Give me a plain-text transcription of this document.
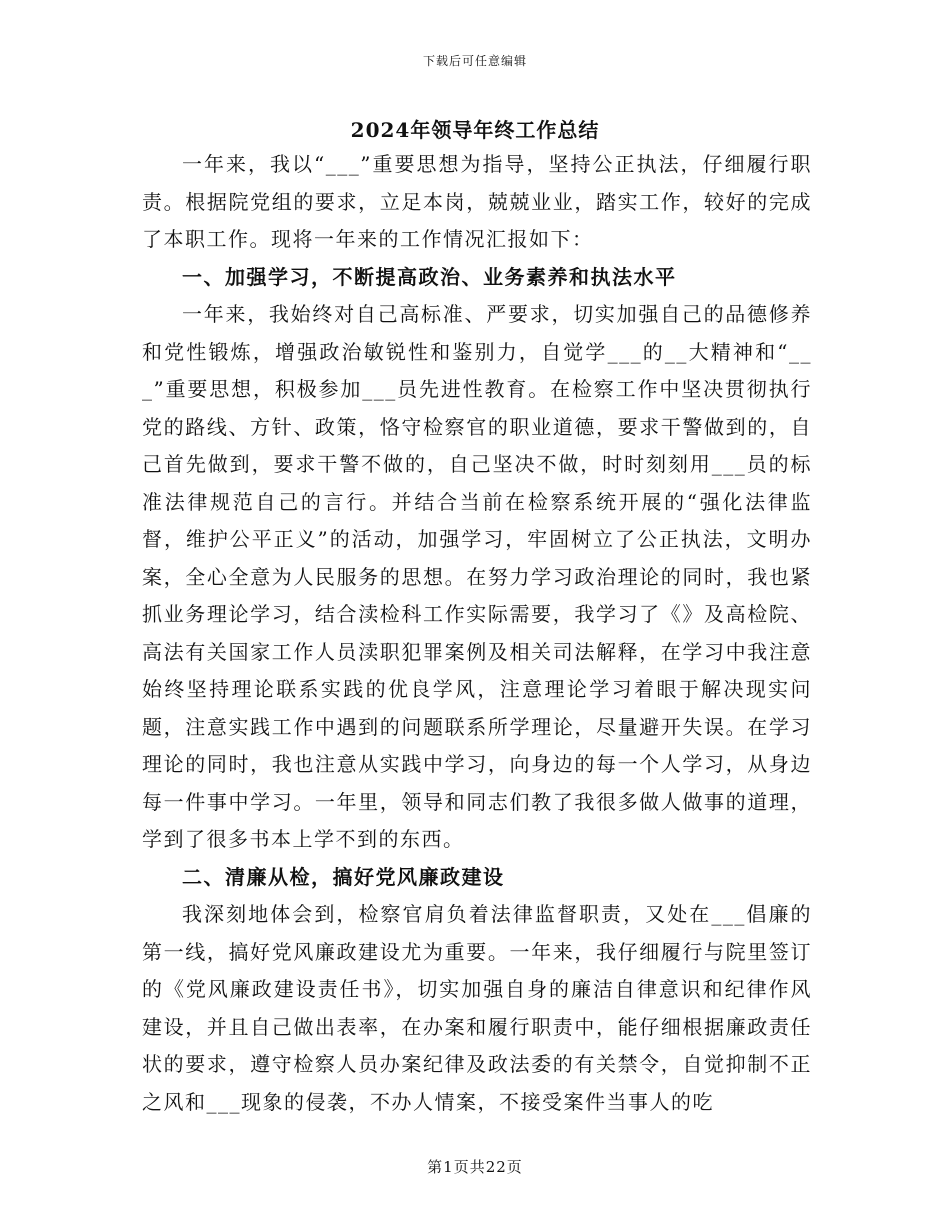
下载后可任意编辑
2024年领导年终工作总结

一年来，我以“___”重要思想为指导，坚持公正执法，仔细履行职责。根据院党组的要求，立足本岗，兢兢业业，踏实工作，较好的完成了本职工作。现将一年来的工作情况汇报如下：

一、加强学习，不断提高政治、业务素养和执法水平

一年来，我始终对自己高标准、严要求，切实加强自己的品德修养和党性锻炼，增强政治敏锐性和鉴别力，自觉学___的__大精神和“___”重要思想，积极参加___员先进性教育。在检察工作中坚决贯彻执行党的路线、方针、政策，恪守检察官的职业道德，要求干警做到的，自己首先做到，要求干警不做的，自己坚决不做，时时刻刻用___员的标准法律规范自己的言行。并结合当前在检察系统开展的“强化法律监督，维护公平正义”的活动，加强学习，牢固树立了公正执法，文明办案，全心全意为人民服务的思想。在努力学习政治理论的同时，我也紧抓业务理论学习，结合渎检科工作实际需要，我学习了《》及高检院、高法有关国家工作人员渎职犯罪案例及相关司法解释，在学习中我注意始终坚持理论联系实践的优良学风，注意理论学习着眼于解决现实问题，注意实践工作中遇到的问题联系所学理论，尽量避开失误。在学习理论的同时，我也注意从实践中学习，向身边的每一个人学习，从身边每一件事中学习。一年里，领导和同志们教了我很多做人做事的道理，学到了很多书本上学不到的东西。

二、清廉从检，搞好党风廉政建设

我深刻地体会到，检察官肩负着法律监督职责，又处在___倡廉的第一线，搞好党风廉政建设尤为重要。一年来，我仔细履行与院里签订的《党风廉政建设责任书》，切实加强自身的廉洁自律意识和纪律作风建设，并且自己做出表率，在办案和履行职责中，能仔细根据廉政责任状的要求，遵守检察人员办案纪律及政法委的有关禁令，自觉抑制不正之风和___现象的侵袭，不办人情案，不接受案件当事人的吃

第1页共22页
